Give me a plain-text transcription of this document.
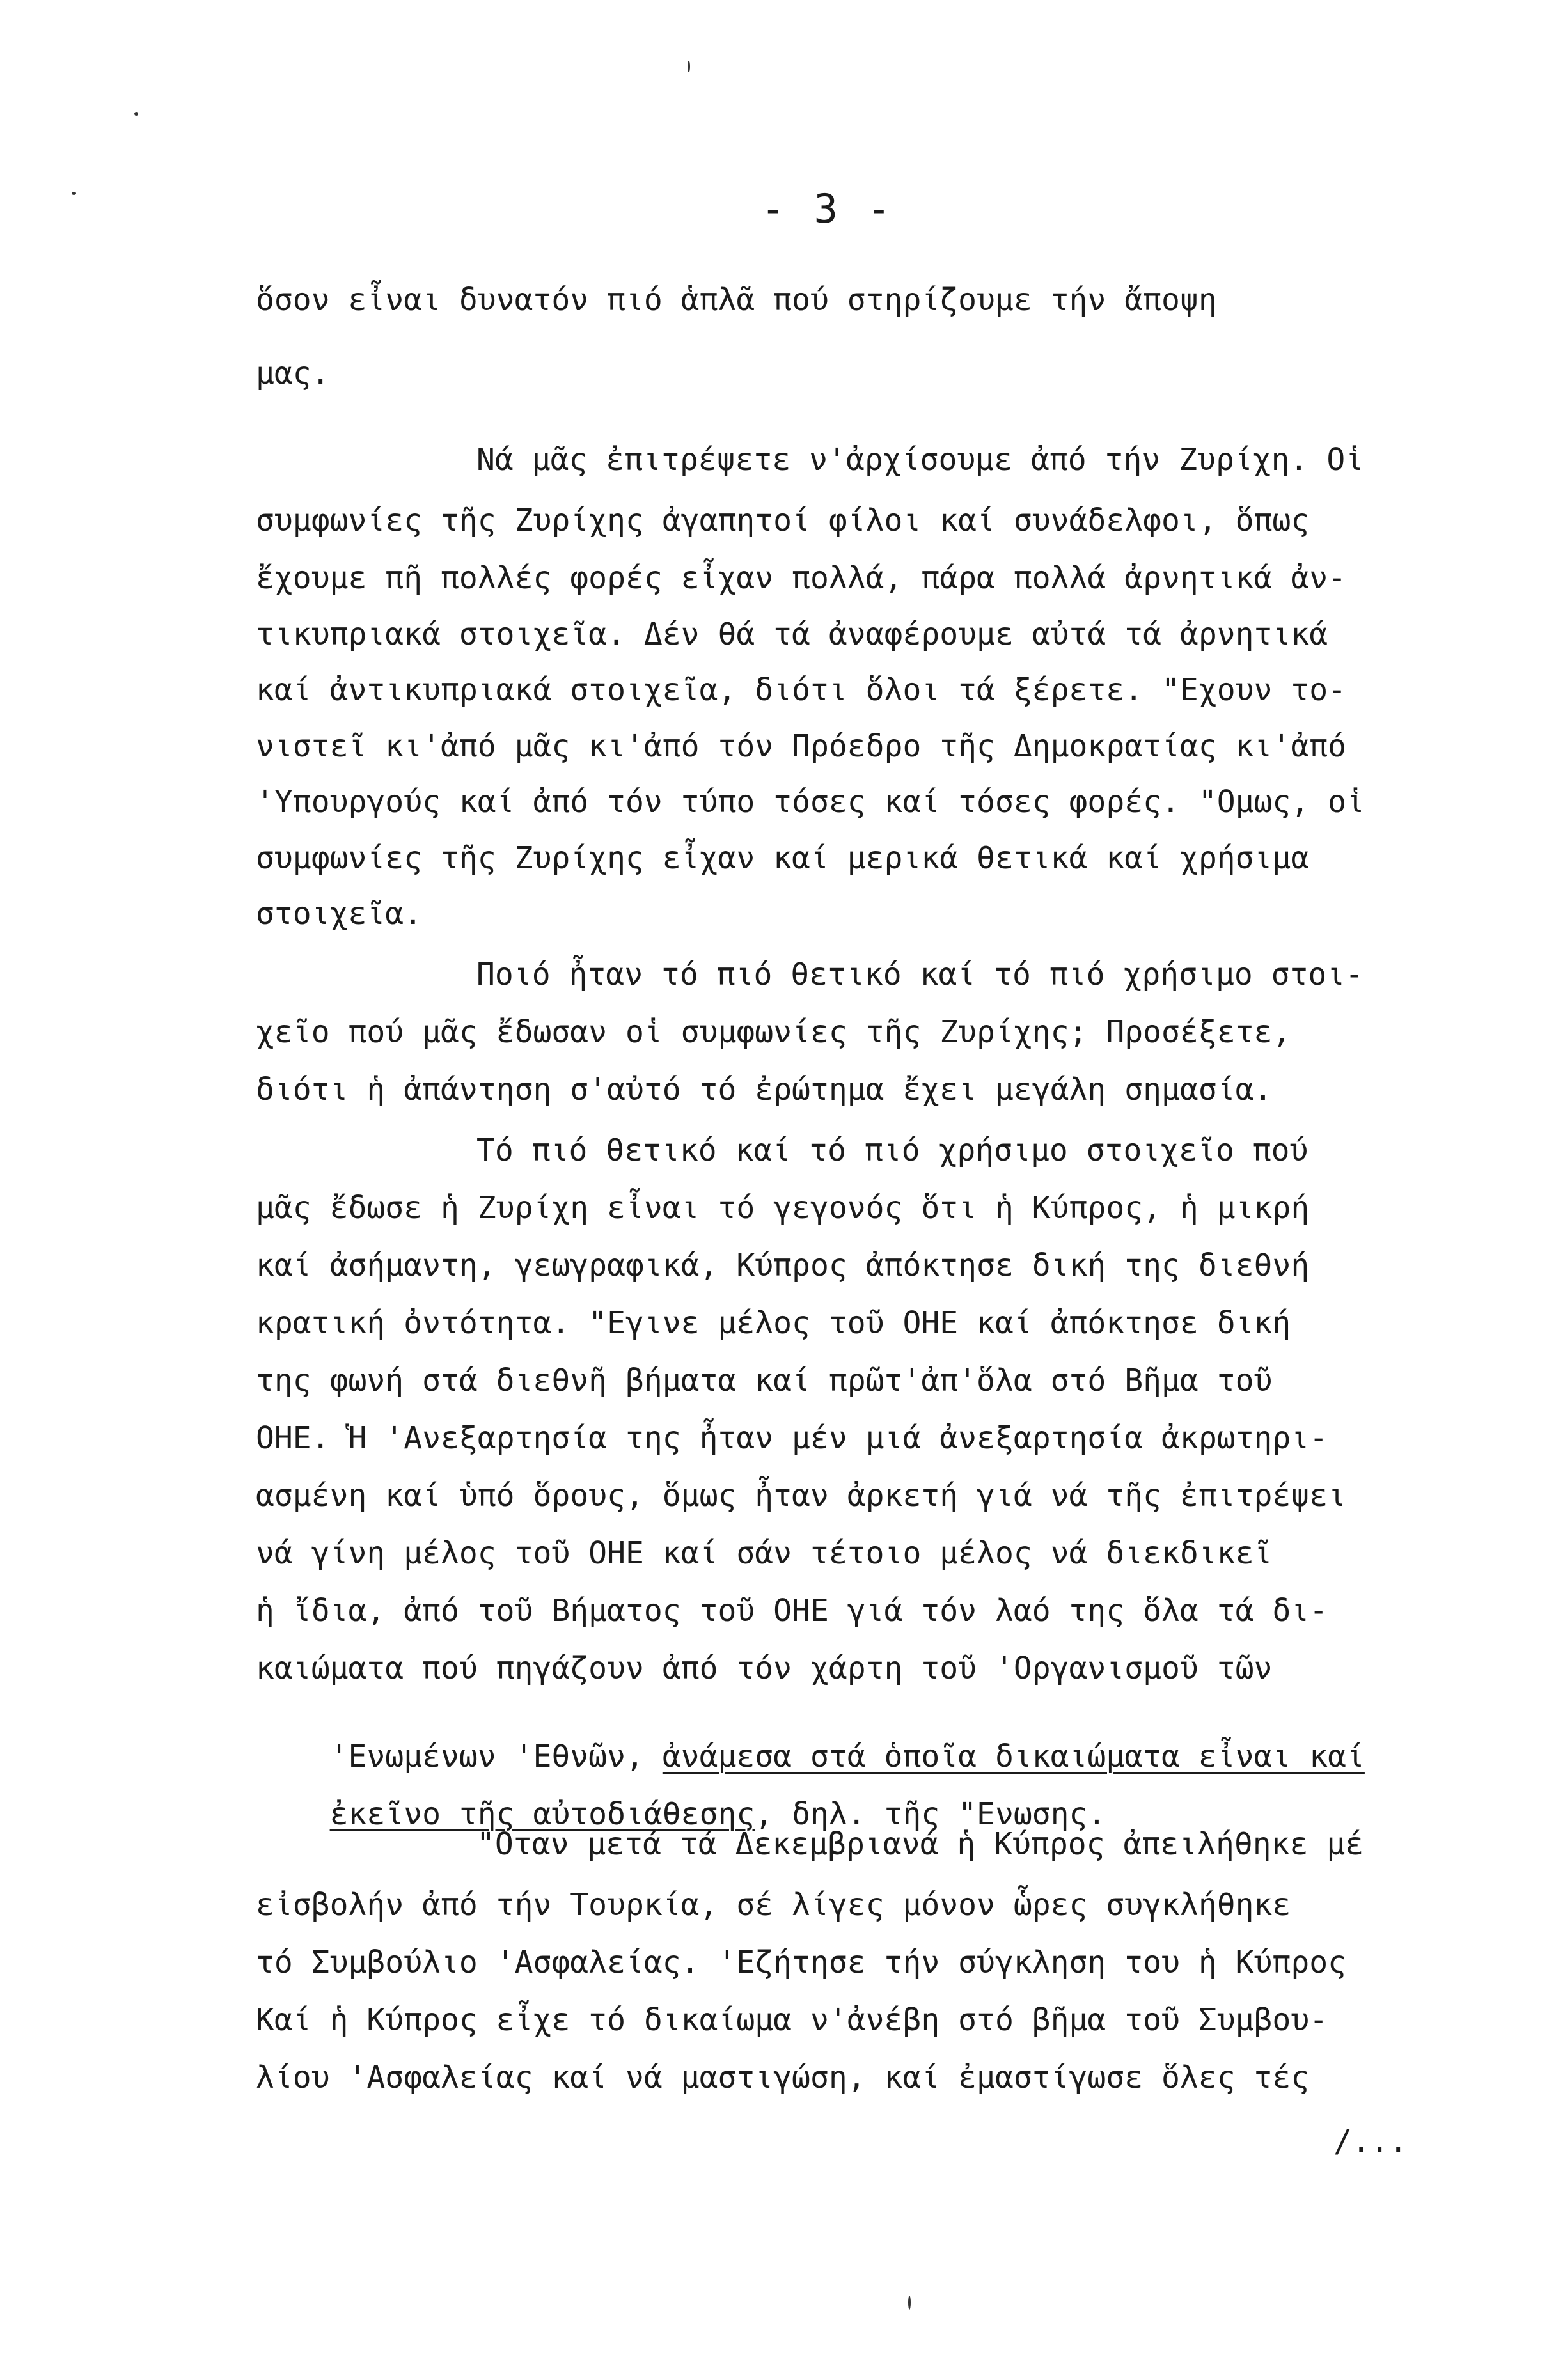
- 3 -
ὅσον εἶναι δυνατόν πιό ἁπλᾶ πού στηρίζουμε τήν ἄποψη
μας.
Νά μᾶς ἐπιτρέψετε ν'ἀρχίσουμε ἀπό τήν Ζυρίχη. Οἱ
συμφωνίες τῆς Ζυρίχης ἀγαπητοί φίλοι καί συνάδελφοι, ὅπως
ἔχουμε πῆ πολλές φορές εἶχαν πολλά, πάρα πολλά ἀρνητικά ἀν-
τικυπριακά στοιχεῖα. Δέν θά τά ἀναφέρουμε αὐτά τά ἀρνητικά
καί ἀντικυπριακά στοιχεῖα, διότι ὅλοι τά ξέρετε. "Εχουν το-
νιστεῖ κι'ἀπό μᾶς κι'ἀπό τόν Πρόεδρο τῆς Δημοκρατίας κι'ἀπό
'Υπουργούς καί ἀπό τόν τύπο τόσες καί τόσες φορές. "Ομως, οἱ
συμφωνίες τῆς Ζυρίχης εἶχαν καί μερικά θετικά καί χρήσιμα
στοιχεῖα.
Ποιό ἦταν τό πιό θετικό καί τό πιό χρήσιμο στοι-
χεῖο πού μᾶς ἔδωσαν οἱ συμφωνίες τῆς Ζυρίχης; Προσέξετε,
διότι ἡ ἀπάντηση σ'αὐτό τό ἐρώτημα ἔχει μεγάλη σημασία.
Τό πιό θετικό καί τό πιό χρήσιμο στοιχεῖο πού
μᾶς ἔδωσε ἡ Ζυρίχη εἶναι τό γεγονός ὅτι ἡ Κύπρος, ἡ μικρή
καί ἀσήμαντη, γεωγραφικά, Κύπρος ἀπόκτησε δική της διεθνή
κρατική ὀντότητα. "Εγινε μέλος τοῦ ΟΗΕ καί ἀπόκτησε δική
της φωνή στά διεθνῆ βήματα καί πρῶτ'ἀπ'ὅλα στό Βῆμα τοῦ
ΟΗΕ. Ἡ 'Ανεξαρτησία της ἦταν μέν μιά ἀνεξαρτησία ἀκρωτηρι-
ασμένη καί ὑπό ὅρους, ὅμως ἦταν ἀρκετή γιά νά τῆς ἐπιτρέψει
νά γίνη μέλος τοῦ ΟΗΕ καί σάν τέτοιο μέλος νά διεκδικεῖ
ἡ ἴδια, ἀπό τοῦ Βήματος τοῦ ΟΗΕ γιά τόν λαό της ὅλα τά δι-
καιώματα πού πηγάζουν ἀπό τόν χάρτη τοῦ 'Οργανισμοῦ τῶν

'Ενωμένων 'Εθνῶν, ἀνάμεσα στά ὁποῖα δικαιώματα εἶναι καί

ἐκεῖνο τῆς αὐτοδιάθεσης, δηλ. τῆς "Ενωσης.

"Οταν μετά τά Δεκεμβριανά ἡ Κύπρος ἀπειλήθηκε μέ
εἰσβολήν ἀπό τήν Τουρκία, σέ λίγες μόνον ὧρες συγκλήθηκε
τό Συμβούλιο 'Ασφαλείας. 'Εζήτησε τήν σύγκληση του ἡ Κύπρος
Καί ἡ Κύπρος εἶχε τό δικαίωμα ν'ἀνέβη στό βῆμα τοῦ Συμβου-
λίου 'Ασφαλείας καί νά μαστιγώση, καί ἐμαστίγωσε ὅλες τές
/...
